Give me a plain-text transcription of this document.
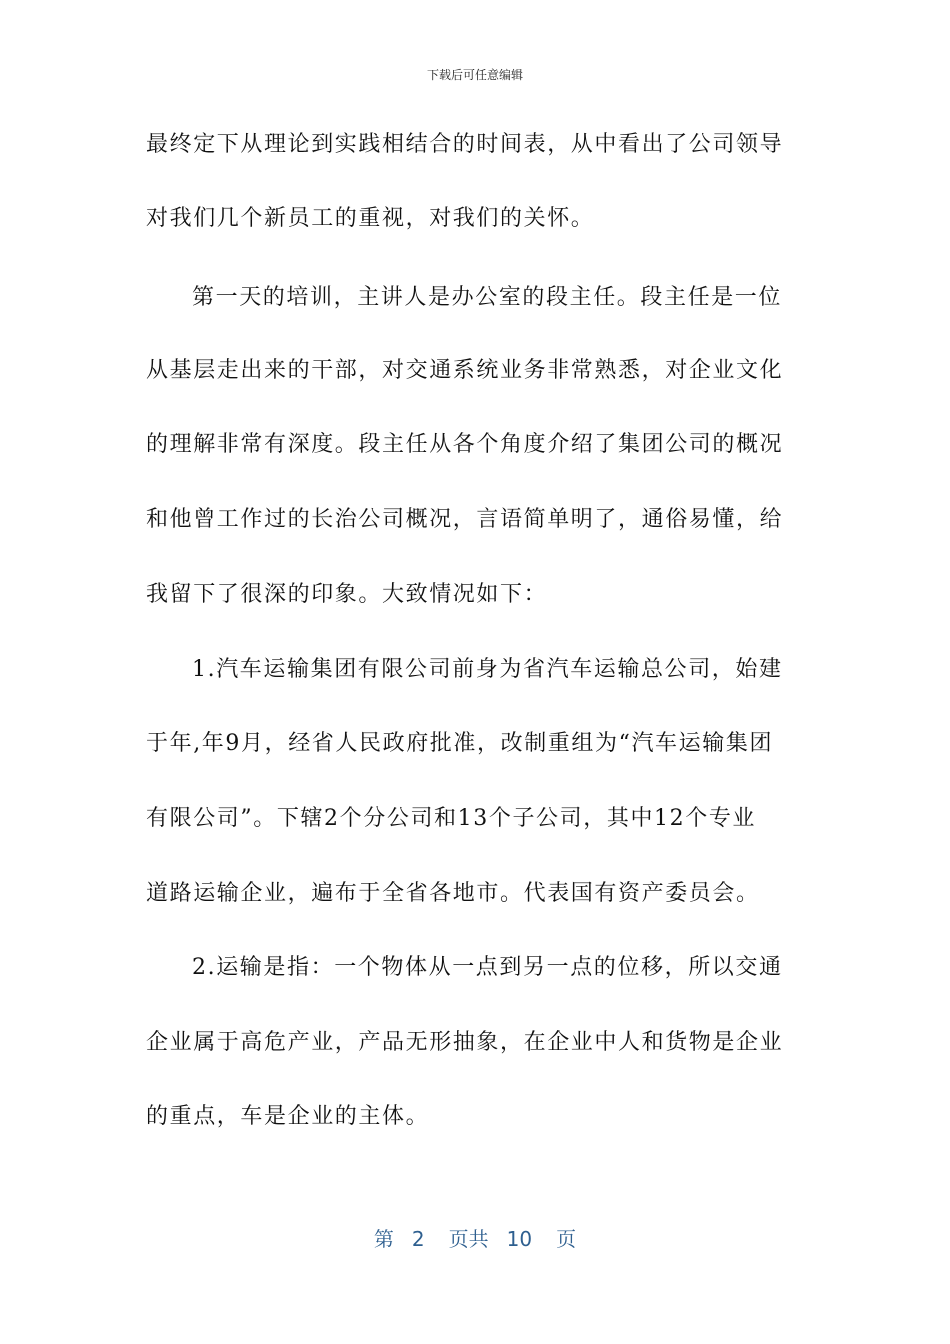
下载后可任意编辑
最终定下从理论到实践相结合的时间表，从中看出了公司领导
对我们几个新员工的重视，对我们的关怀。
第一天的培训，主讲人是办公室的段主任。段主任是一位
从基层走出来的干部，对交通系统业务非常熟悉，对企业文化
的理解非常有深度。段主任从各个角度介绍了集团公司的概况
和他曾工作过的长治公司概况，言语简单明了，通俗易懂，给
我留下了很深的印象。大致情况如下：
1.汽车运输集团有限公司前身为省汽车运输总公司，始建
于年,年9月，经省人民政府批准，改制重组为“汽车运输集团
有限公司”。下辖2个分公司和13个子公司，其中12个专业
道路运输企业，遍布于全省各地市。代表国有资产委员会。
2.运输是指：一个物体从一点到另一点的位移，所以交通
企业属于高危产业，产品无形抽象，在企业中人和货物是企业
的重点，车是企业的主体。
第 2 页共 10 页
